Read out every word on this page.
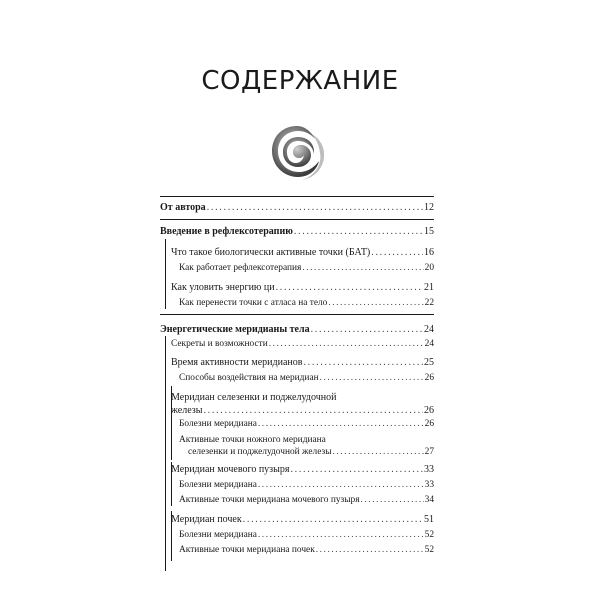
СОДЕРЖАНИЕ
От автора . . .	12
Введение в рефлексотерапию . . .	15
Что такое биологически активные точки (БАТ) . . .	16
Как работает рефлексотерапия . . .	20
Как уловить энергию ци . . .	21
Как перенести точки с атласа на тело . . .	22
Энергетические меридианы тела . . .	24
Секреты и возможности . . .	24
Время активности меридианов . . .	25
Способы воздействия на меридиан . . .	26
Меридиан селезенки и поджелудочной
железы . . .	26
Болезни меридиана . . .	26
Активные точки ножного меридиана
селезенки и поджелудочной железы . . .	27
Меридиан мочевого пузыря . . .	33
Болезни меридиана . . .	33
Активные точки меридиана мочевого пузыря . . .	34
Меридиан почек . . .	51
Болезни меридиана . . .	52
Активные точки меридиана почек . . .	52
